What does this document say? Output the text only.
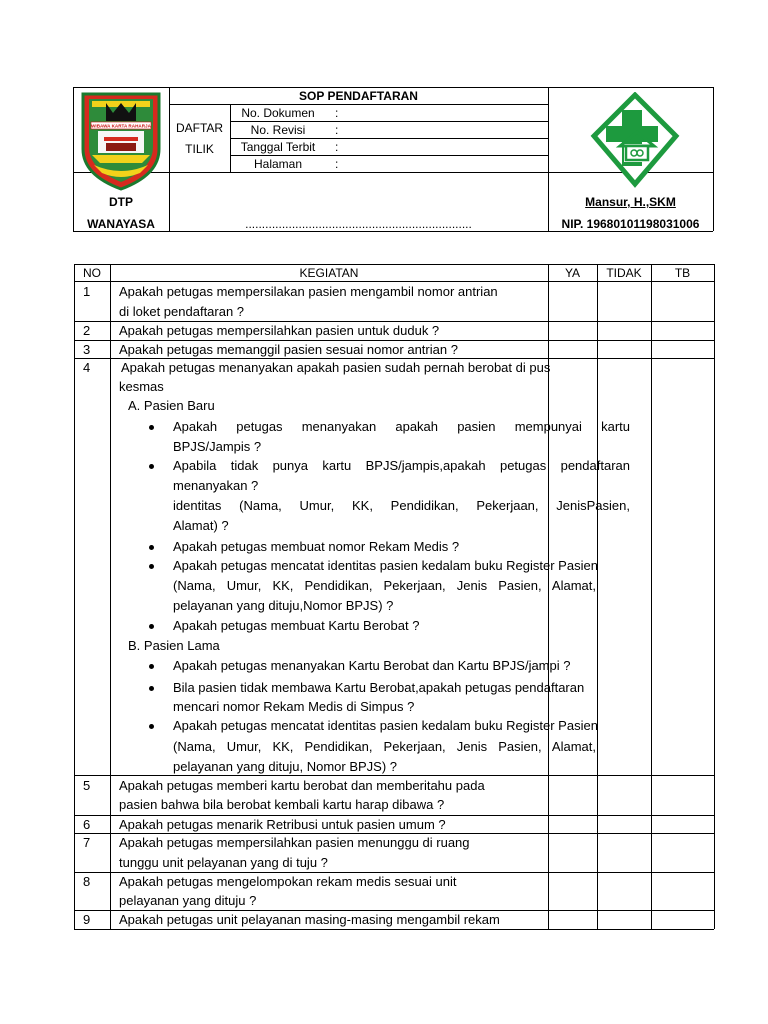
WIBAWA KARTA RAHARJA
SOP PENDAFTARAN
DAFTAR
TILIK
No. Dokumen	:
No. Revisi	:
Tanggal Terbit	:
Halaman	:
DTP
WANAYASA	....................................................................
Mansur, H.,SKM
NIP. 19680101198031006
NO	KEGIATAN	YA	TIDAK	TB
1 Apakah petugas mempersilakan pasien mengambil nomor antrian
di loket pendaftaran ?
2 Apakah petugas mempersilahkan pasien untuk duduk ?
3 Apakah petugas memanggil pasien sesuai nomor antrian ?
4 Apakah petugas menanyakan apakah pasien sudah pernah berobat di pus
kesmas
A. Pasien Baru
Apakah petugas menanyakan apakah pasien mempunyai kartu
BPJS/Jampis ?
Apabila tidak punya kartu BPJS/jampis,apakah petugas pendaftaran
menanyakan ?
identitas (Nama, Umur, KK, Pendidikan, Pekerjaan, JenisPasien,
Alamat) ?
Apakah petugas membuat nomor Rekam Medis ?
Apakah petugas mencatat identitas pasien kedalam buku Register Pasien
(Nama, Umur, KK, Pendidikan, Pekerjaan, Jenis Pasien, Alamat,
pelayanan yang dituju,Nomor BPJS) ?
Apakah petugas membuat Kartu Berobat ?
B. Pasien Lama
Apakah petugas menanyakan Kartu Berobat dan Kartu BPJS/jampi ?
Bila pasien tidak membawa Kartu Berobat,apakah petugas pendaftaran
mencari nomor Rekam Medis di Simpus ?
Apakah petugas mencatat identitas pasien kedalam buku Register Pasien
(Nama, Umur, KK, Pendidikan, Pekerjaan, Jenis Pasien, Alamat,
pelayanan yang dituju, Nomor BPJS) ?
5 Apakah petugas memberi kartu berobat dan memberitahu pada
pasien bahwa bila berobat kembali kartu harap dibawa ?
6 Apakah petugas menarik Retribusi untuk pasien umum ?
7 Apakah petugas mempersilahkan pasien menunggu di ruang
tunggu unit pelayanan yang di tuju ?
8 Apakah petugas mengelompokan rekam medis sesuai unit
pelayanan yang dituju ?
9 Apakah petugas unit pelayanan masing-masing mengambil rekam
